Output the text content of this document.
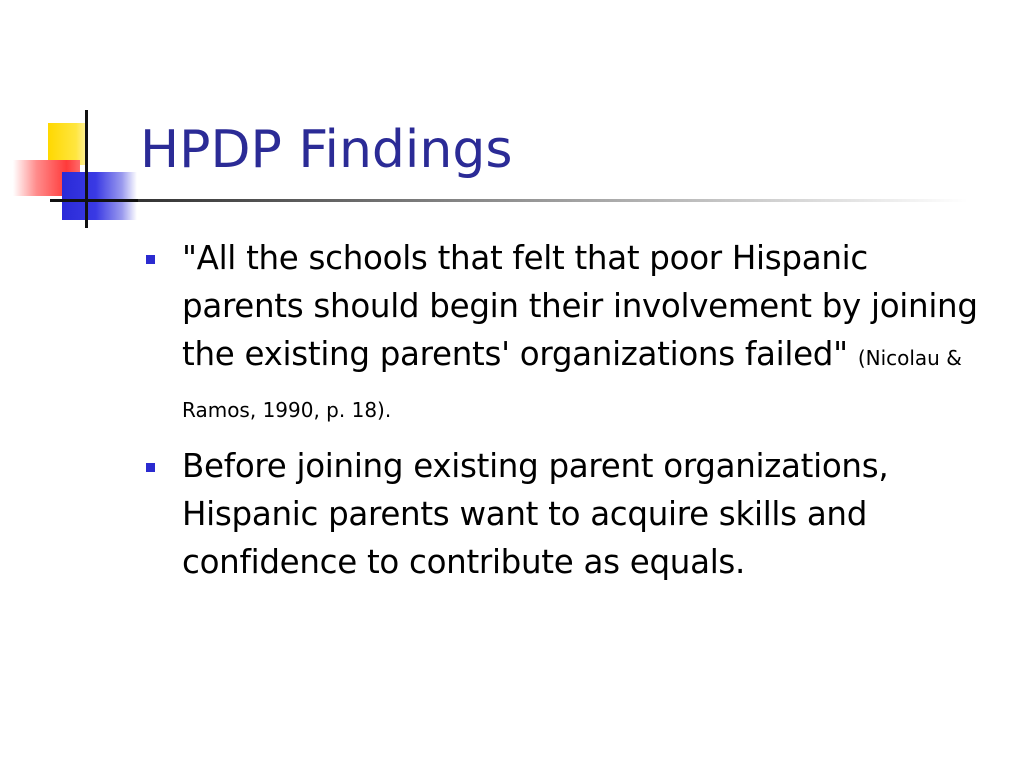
HPDP Findings
"All the schools that felt that poor Hispanic parents should begin their involvement by joining the existing parents' organizations failed" (Nicolau & Ramos, 1990, p. 18).
Before joining existing parent organizations, Hispanic parents want to acquire skills and confidence to contribute as equals.
